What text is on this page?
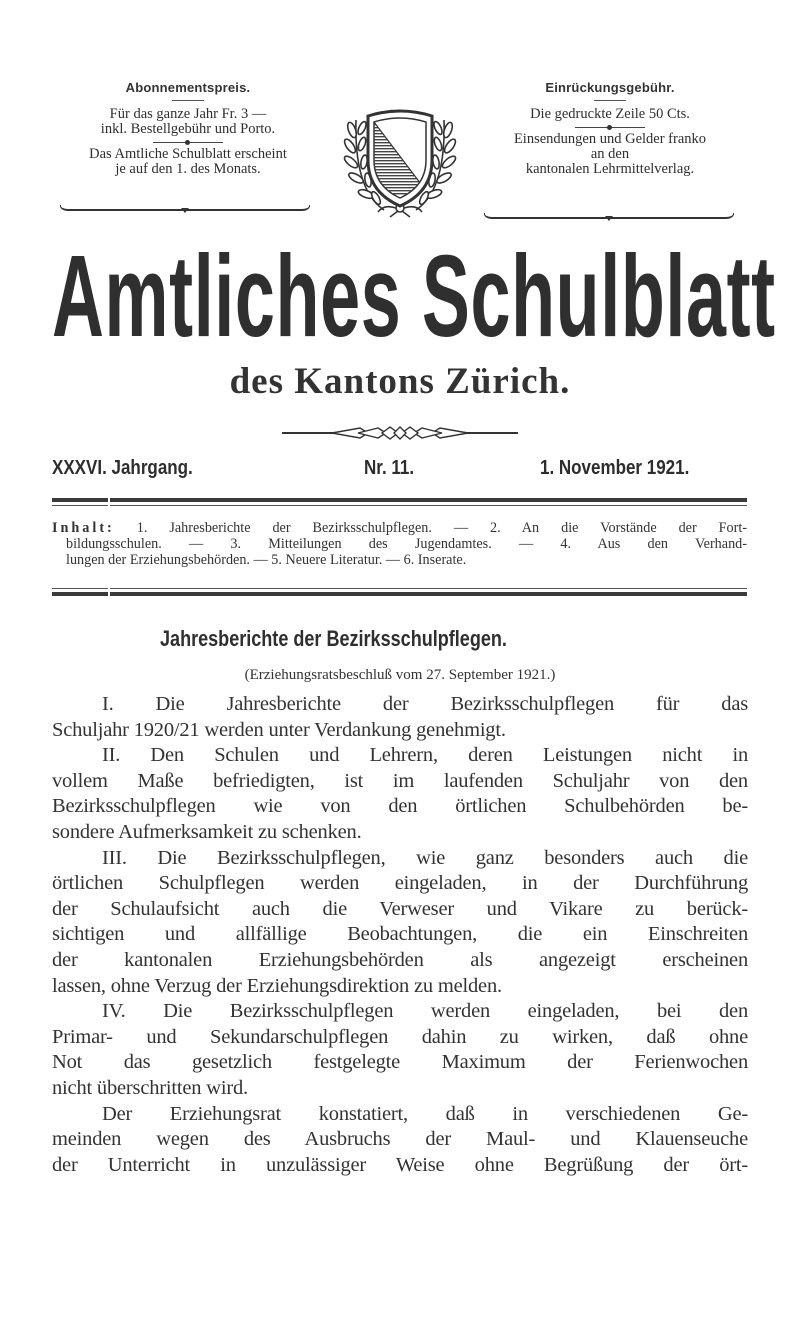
Abonnementspreis.
Für das ganze Jahr Fr. 3 —
inkl. Bestellgebühr und Porto.
Das Amtliche Schulblatt erscheint
je auf den 1. des Monats.
Einrückungsgebühr.
Die gedruckte Zeile 50 Cts.
Einsendungen und Gelder franko
an den
kantonalen Lehrmittelverlag.
Amtliches Schulblatt
des Kantons Zürich.
XXXVI. Jahrgang.	Nr. 11.	1. November 1921.

Inhalt: 1. Jahresberichte der Bezirksschulpflegen. — 2. An die Vorstände der Fort-

bildungsschulen. — 3. Mitteilungen des Jugendamtes. — 4. Aus den Verhand-

lungen der Erziehungsbehörden. — 5. Neuere Literatur. — 6. Inserate.

Jahresberichte der Bezirksschulpflegen.
(Erziehungsratsbeschluß vom 27. September 1921.)

I. Die Jahresberichte der Bezirksschulpflegen für das
Schuljahr 1920/21 werden unter Verdankung genehmigt.

II. Den Schulen und Lehrern, deren Leistungen nicht in
vollem Maße befriedigten, ist im laufenden Schuljahr von den
Bezirksschulpflegen wie von den örtlichen Schulbehörden be-
sondere Aufmerksamkeit zu schenken.

III. Die Bezirksschulpflegen, wie ganz besonders auch die
örtlichen Schulpflegen werden eingeladen, in der Durchführung
der Schulaufsicht auch die Verweser und Vikare zu berück-
sichtigen und allfällige Beobachtungen, die ein Einschreiten
der kantonalen Erziehungsbehörden als angezeigt erscheinen
lassen, ohne Verzug der Erziehungsdirektion zu melden.

IV. Die Bezirksschulpflegen werden eingeladen, bei den
Primar- und Sekundarschulpflegen dahin zu wirken, daß ohne
Not das gesetzlich festgelegte Maximum der Ferienwochen
nicht überschritten wird.

Der Erziehungsrat konstatiert, daß in verschiedenen Ge-
meinden wegen des Ausbruchs der Maul- und Klauenseuche
der Unterricht in unzulässiger Weise ohne Begrüßung der ört-
